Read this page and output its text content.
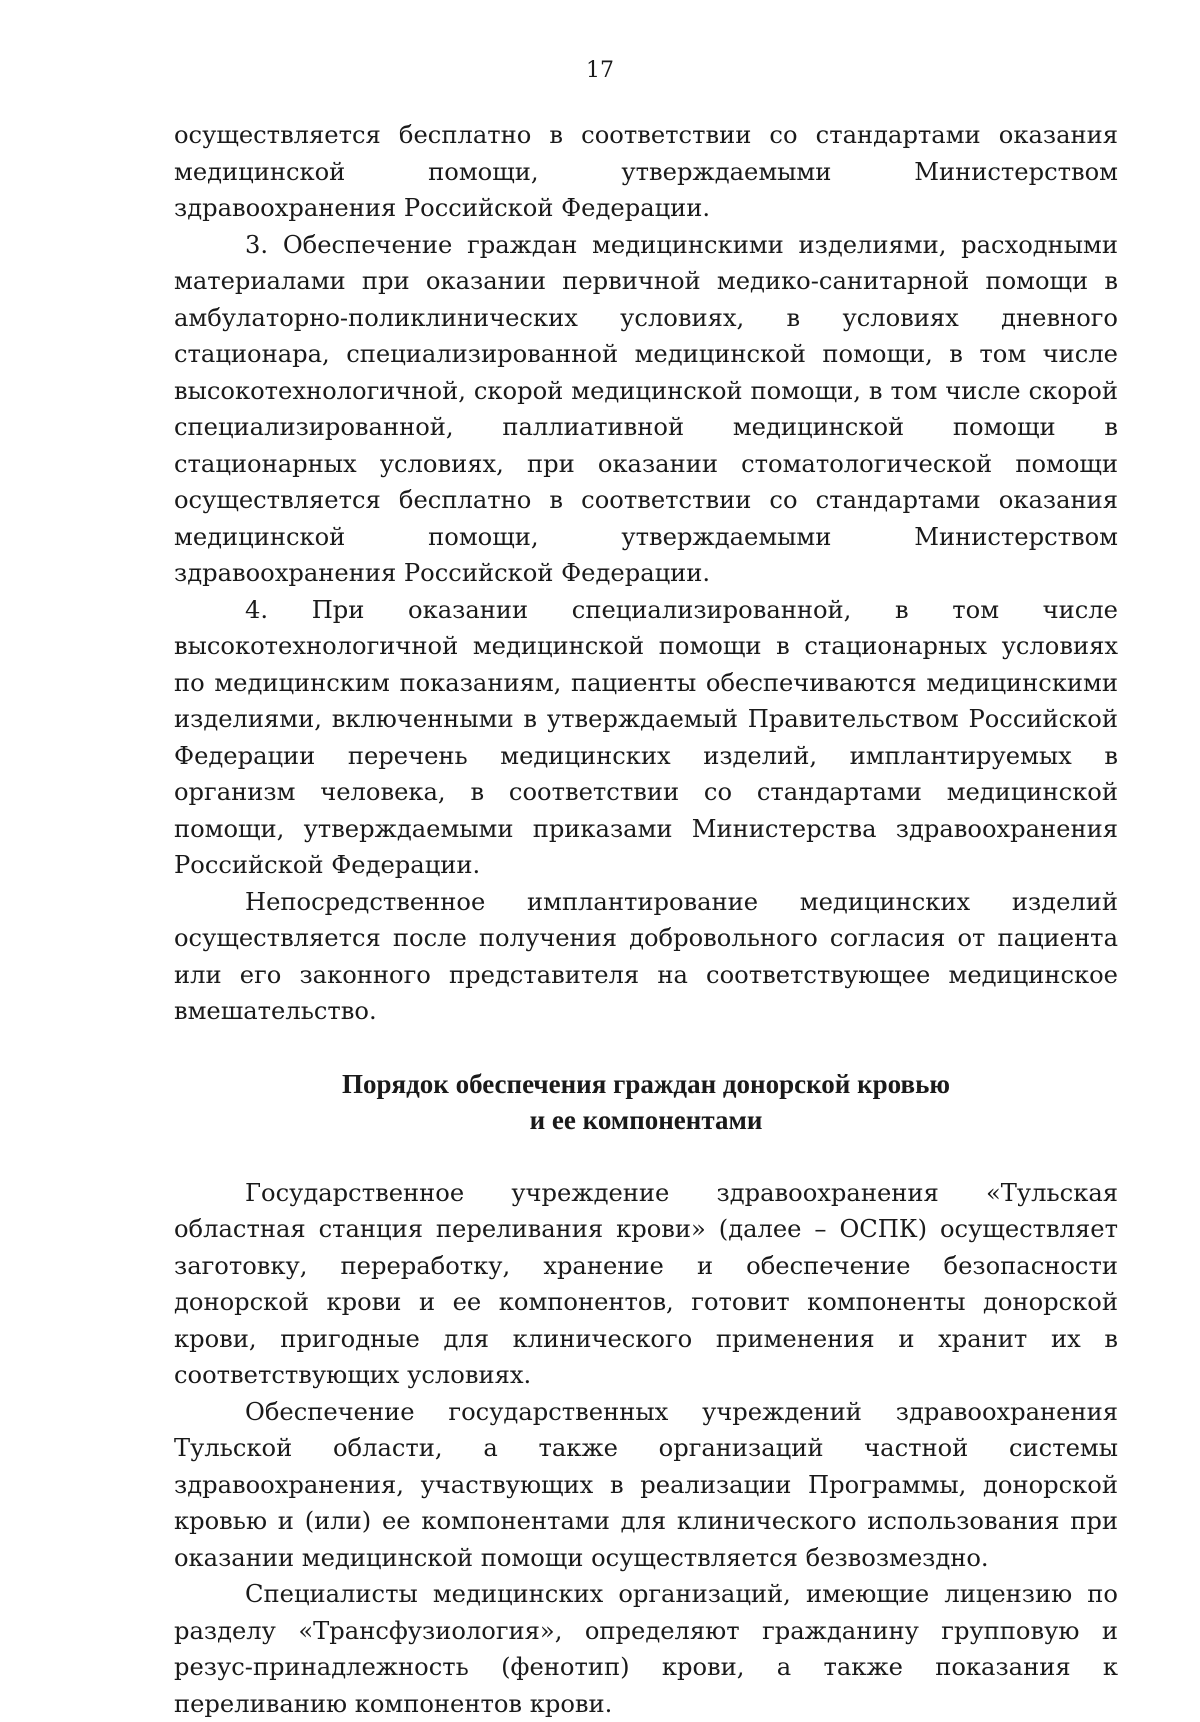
17

осуществляется бесплатно в соответствии со стандартами оказания медицинской помощи, утверждаемыми Министерством здравоохранения Российской Федерации.

3. Обеспечение граждан медицинскими изделиями, расходными материалами при оказании первичной медико-санитарной помощи в амбулаторно-поликлинических условиях, в условиях дневного стационара, специализированной медицинской помощи, в том числе высокотехнологичной, скорой медицинской помощи, в том числе скорой специализированной, паллиативной медицинской помощи в стационарных условиях, при оказании стоматологической помощи осуществляется бесплатно в соответствии со стандартами оказания медицинской помощи, утверждаемыми Министерством здравоохранения Российской Федерации.

4. При оказании специализированной, в том числе высокотехнологичной медицинской помощи в стационарных условиях по медицинским показаниям, пациенты обеспечиваются медицинскими изделиями, включенными в утверждаемый Правительством Российской Федерации перечень медицинских изделий, имплантируемых в организм человека, в соответствии со стандартами медицинской помощи, утверждаемыми приказами Министерства здравоохранения Российской Федерации.

Непосредственное имплантирование медицинских изделий осуществляется после получения добровольного согласия от пациента или его законного представителя на соответствующее медицинское вмешательство.

Порядок обеспечения граждан донорской кровью
и ее компонентами

Государственное учреждение здравоохранения «Тульская областная станция переливания крови» (далее – ОСПК) осуществляет заготовку, переработку, хранение и обеспечение безопасности донорской крови и ее компонентов, готовит компоненты донорской крови, пригодные для клинического применения и хранит их в соответствующих условиях.

Обеспечение государственных учреждений здравоохранения Тульской области, а также организаций частной системы здравоохранения, участвующих в реализации Программы, донорской кровью и (или) ее компонентами для клинического использования при оказании медицинской помощи осуществляется безвозмездно.

Специалисты медицинских организаций, имеющие лицензию по разделу «Трансфузиология», определяют гражданину групповую и резус-принадлежность (фенотип) крови, а также показания к переливанию компонентов крови.
